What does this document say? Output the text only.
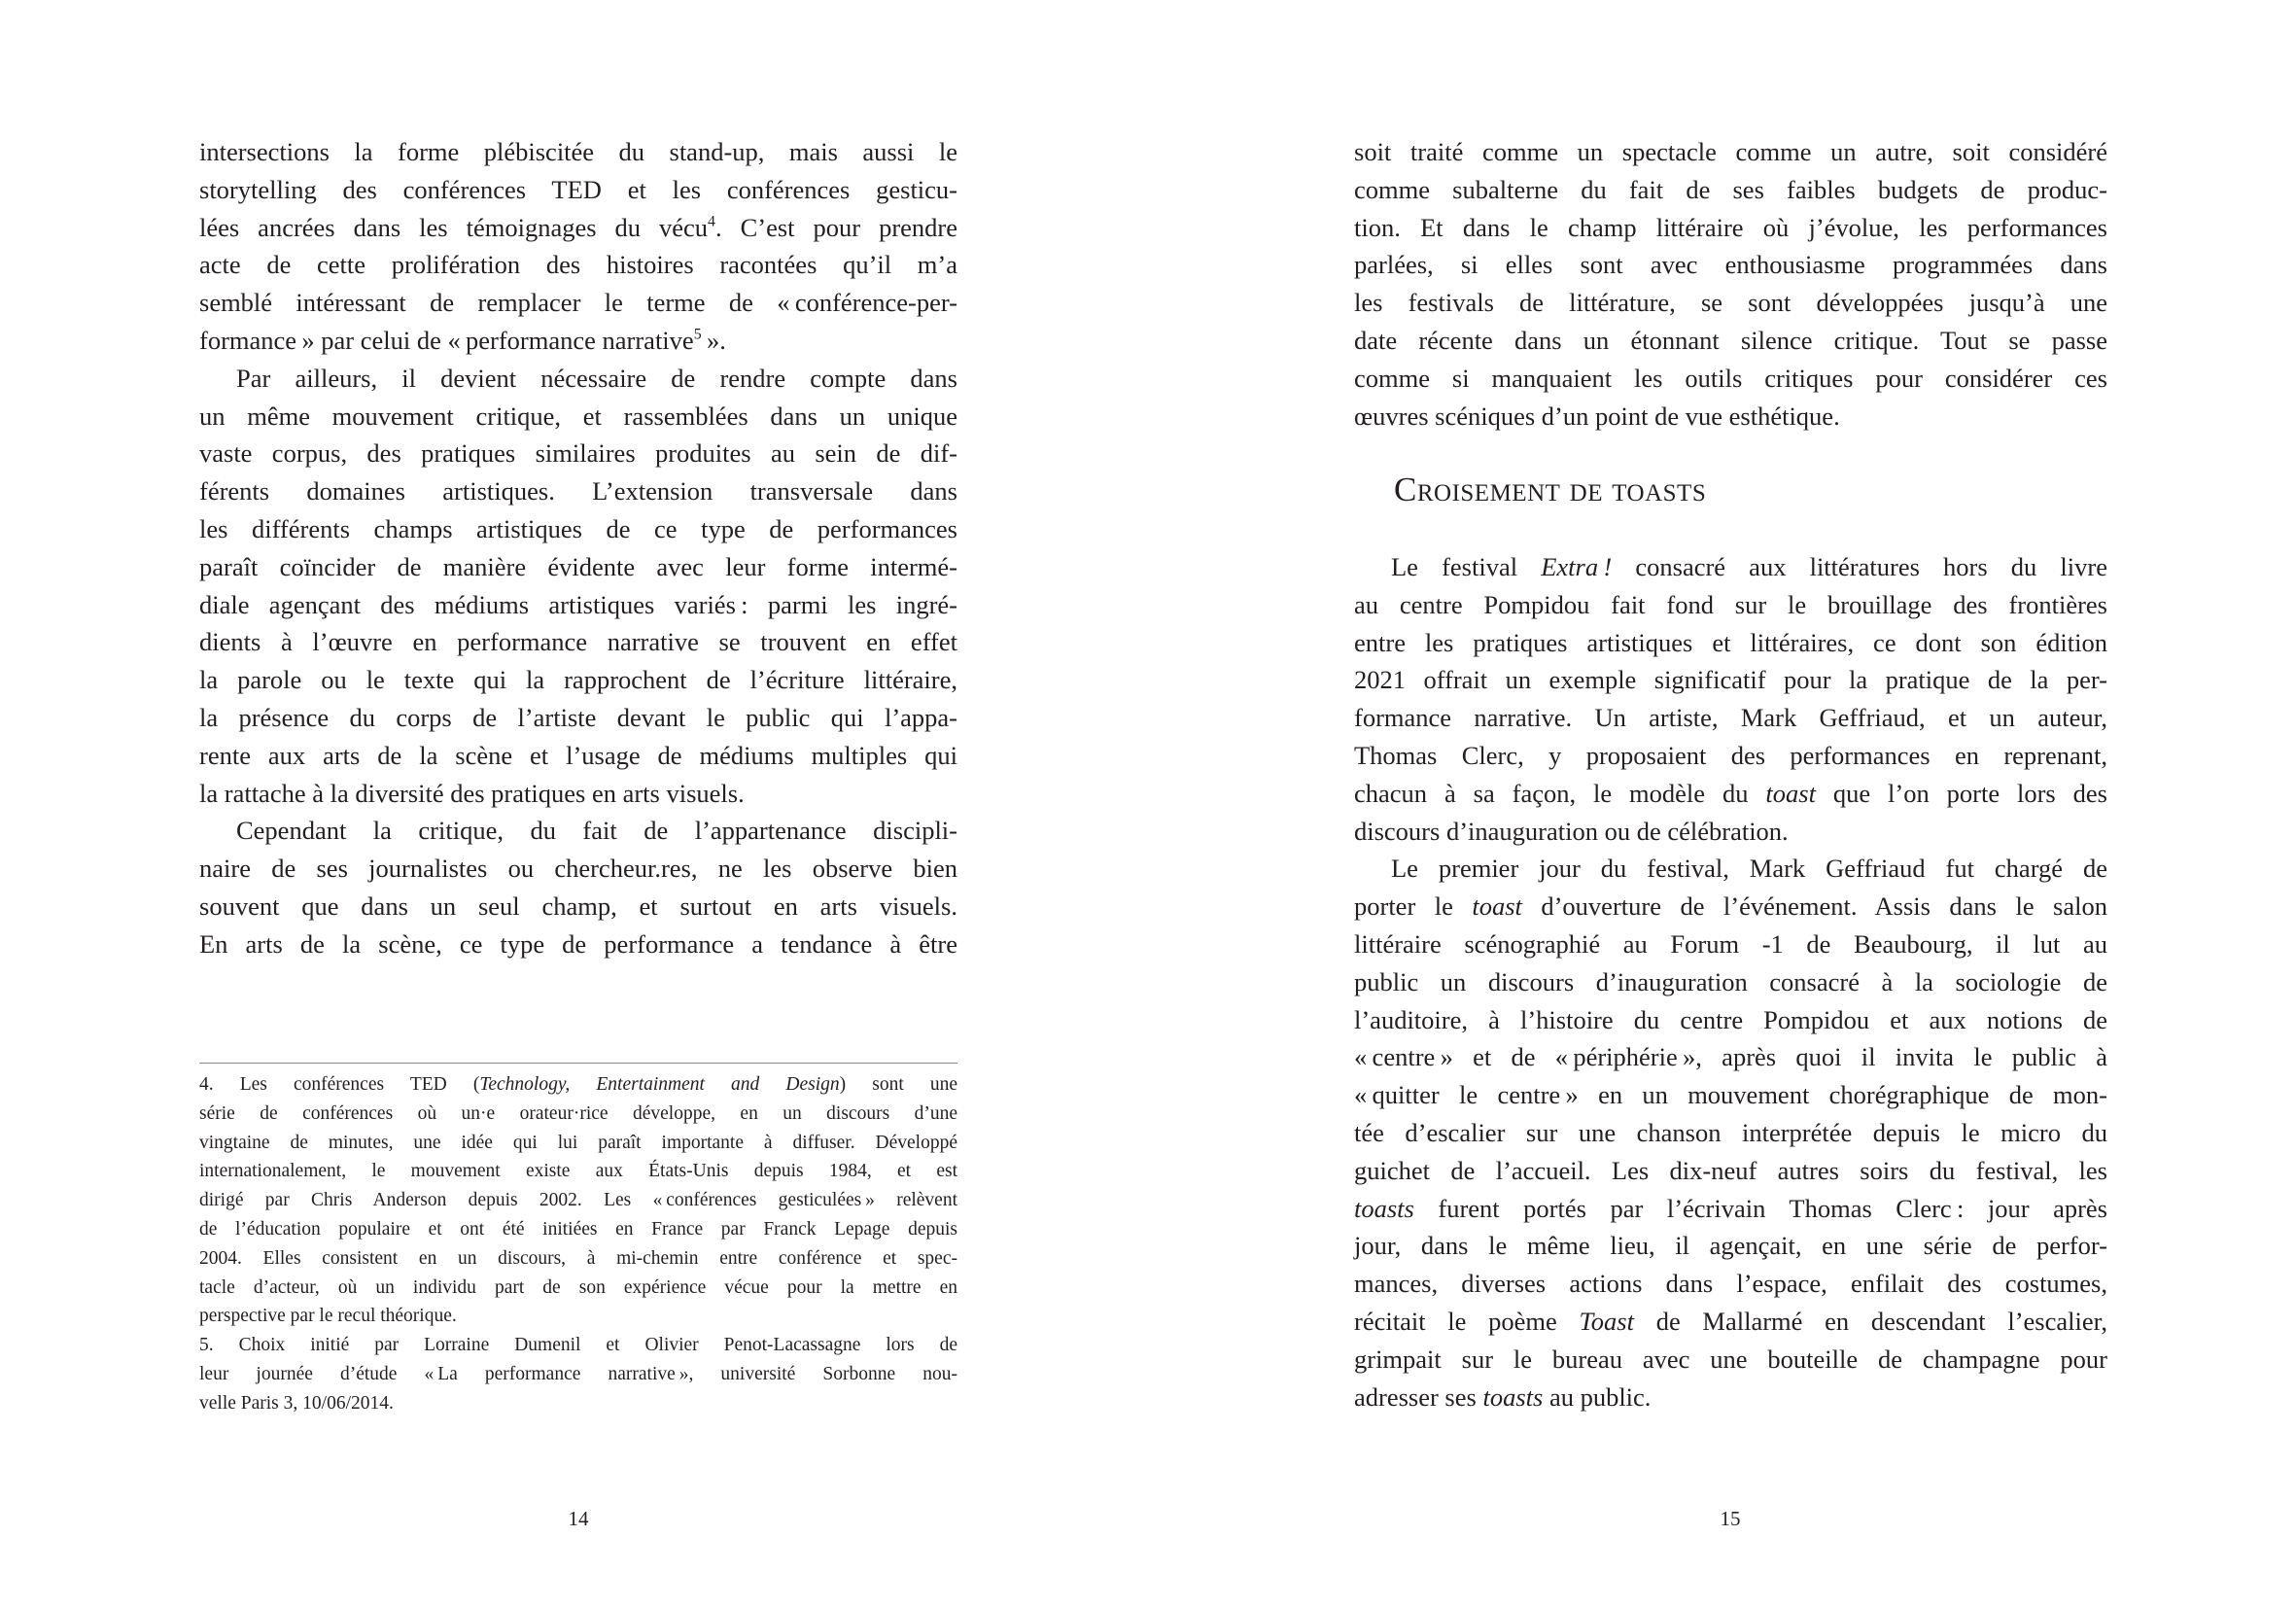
intersections la forme plébiscitée du stand-up, mais aussi le
storytelling des conférences TED et les conférences gesticu-
lées ancrées dans les témoignages du vécu$^4$. C’est pour prendre
acte de cette prolifération des histoires racontées qu’il m’a
semblé intéressant de remplacer le terme de « conférence-per-
formance » par celui de « performance narrative$^5$ ».
Par ailleurs, il devient nécessaire de rendre compte dans
un même mouvement critique, et rassemblées dans un unique
vaste corpus, des pratiques similaires produites au sein de dif-
férents domaines artistiques. L’extension transversale dans
les différents champs artistiques de ce type de performances
paraît coïncider de manière évidente avec leur forme intermé-
diale agençant des médiums artistiques variés : parmi les ingré-
dients à l’œuvre en performance narrative se trouvent en effet
la parole ou le texte qui la rapprochent de l’écriture littéraire,
la présence du corps de l’artiste devant le public qui l’appa-
rente aux arts de la scène et l’usage de médiums multiples qui
la rattache à la diversité des pratiques en arts visuels.
Cependant la critique, du fait de l’appartenance discipli-
naire de ses journalistes ou chercheur.res, ne les observe bien
souvent que dans un seul champ, et surtout en arts visuels.
En arts de la scène, ce type de performance a tendance à être
4. Les conférences TED (Technology, Entertainment and Design) sont une
série de conférences où un·e orateur·rice développe, en un discours d’une
vingtaine de minutes, une idée qui lui paraît importante à diffuser. Développé
internationalement, le mouvement existe aux États-Unis depuis 1984, et est
dirigé par Chris Anderson depuis 2002. Les « conférences gesticulées » relèvent
de l’éducation populaire et ont été initiées en France par Franck Lepage depuis
2004. Elles consistent en un discours, à mi-chemin entre conférence et spec-
tacle d’acteur, où un individu part de son expérience vécue pour la mettre en
perspective par le recul théorique.
5. Choix initié par Lorraine Dumenil et Olivier Penot-Lacassagne lors de
leur journée d’étude « La performance narrative », université Sorbonne nou-
velle Paris 3, 10/06/2014.
14
soit traité comme un spectacle comme un autre, soit considéré
comme subalterne du fait de ses faibles budgets de produc-
tion. Et dans le champ littéraire où j’évolue, les performances
parlées, si elles sont avec enthousiasme programmées dans
les festivals de littérature, se sont développées jusqu’à une
date récente dans un étonnant silence critique. Tout se passe
comme si manquaient les outils critiques pour considérer ces
œuvres scéniques d’un point de vue esthétique.
Croisement de toasts
Le festival Extra ! consacré aux littératures hors du livre
au centre Pompidou fait fond sur le brouillage des frontières
entre les pratiques artistiques et littéraires, ce dont son édition
2021 offrait un exemple significatif pour la pratique de la per-
formance narrative. Un artiste, Mark Geffriaud, et un auteur,
Thomas Clerc, y proposaient des performances en reprenant,
chacun à sa façon, le modèle du toast que l’on porte lors des
discours d’inauguration ou de célébration.
Le premier jour du festival, Mark Geffriaud fut chargé de
porter le toast d’ouverture de l’événement. Assis dans le salon
littéraire scénographié au Forum -1 de Beaubourg, il lut au
public un discours d’inauguration consacré à la sociologie de
l’auditoire, à l’histoire du centre Pompidou et aux notions de
« centre » et de « périphérie », après quoi il invita le public à
« quitter le centre » en un mouvement chorégraphique de mon-
tée d’escalier sur une chanson interprétée depuis le micro du
guichet de l’accueil. Les dix-neuf autres soirs du festival, les
toasts furent portés par l’écrivain Thomas Clerc : jour après
jour, dans le même lieu, il agençait, en une série de perfor-
mances, diverses actions dans l’espace, enfilait des costumes,
récitait le poème Toast de Mallarmé en descendant l’escalier,
grimpait sur le bureau avec une bouteille de champagne pour
adresser ses toasts au public.
15
